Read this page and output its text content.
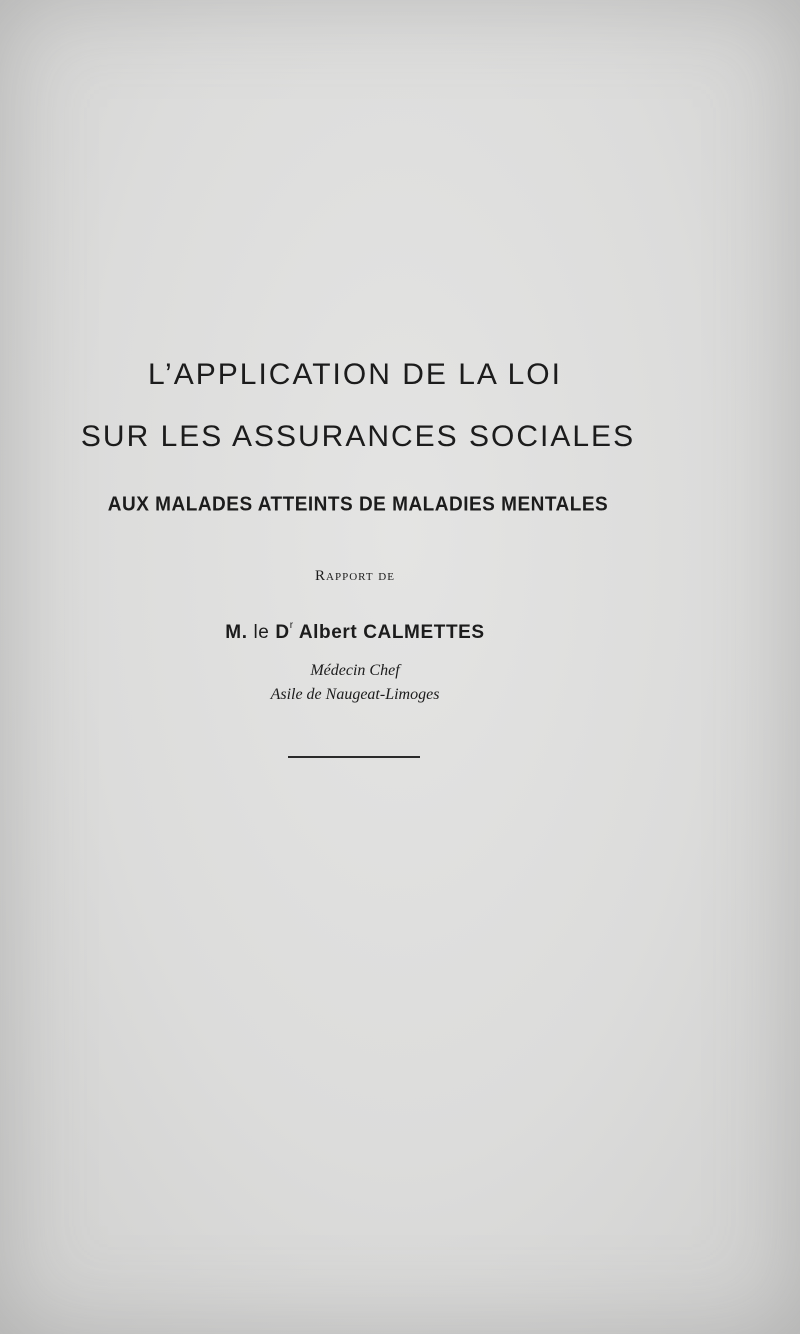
L’APPLICATION DE LA LOI
SUR LES ASSURANCES SOCIALES
AUX MALADES ATTEINTS DE MALADIES MENTALES
Rapport de
M. le $D^r$ Albert CALMETTES
Médecin Chef
Asile de Naugeat-Limoges
